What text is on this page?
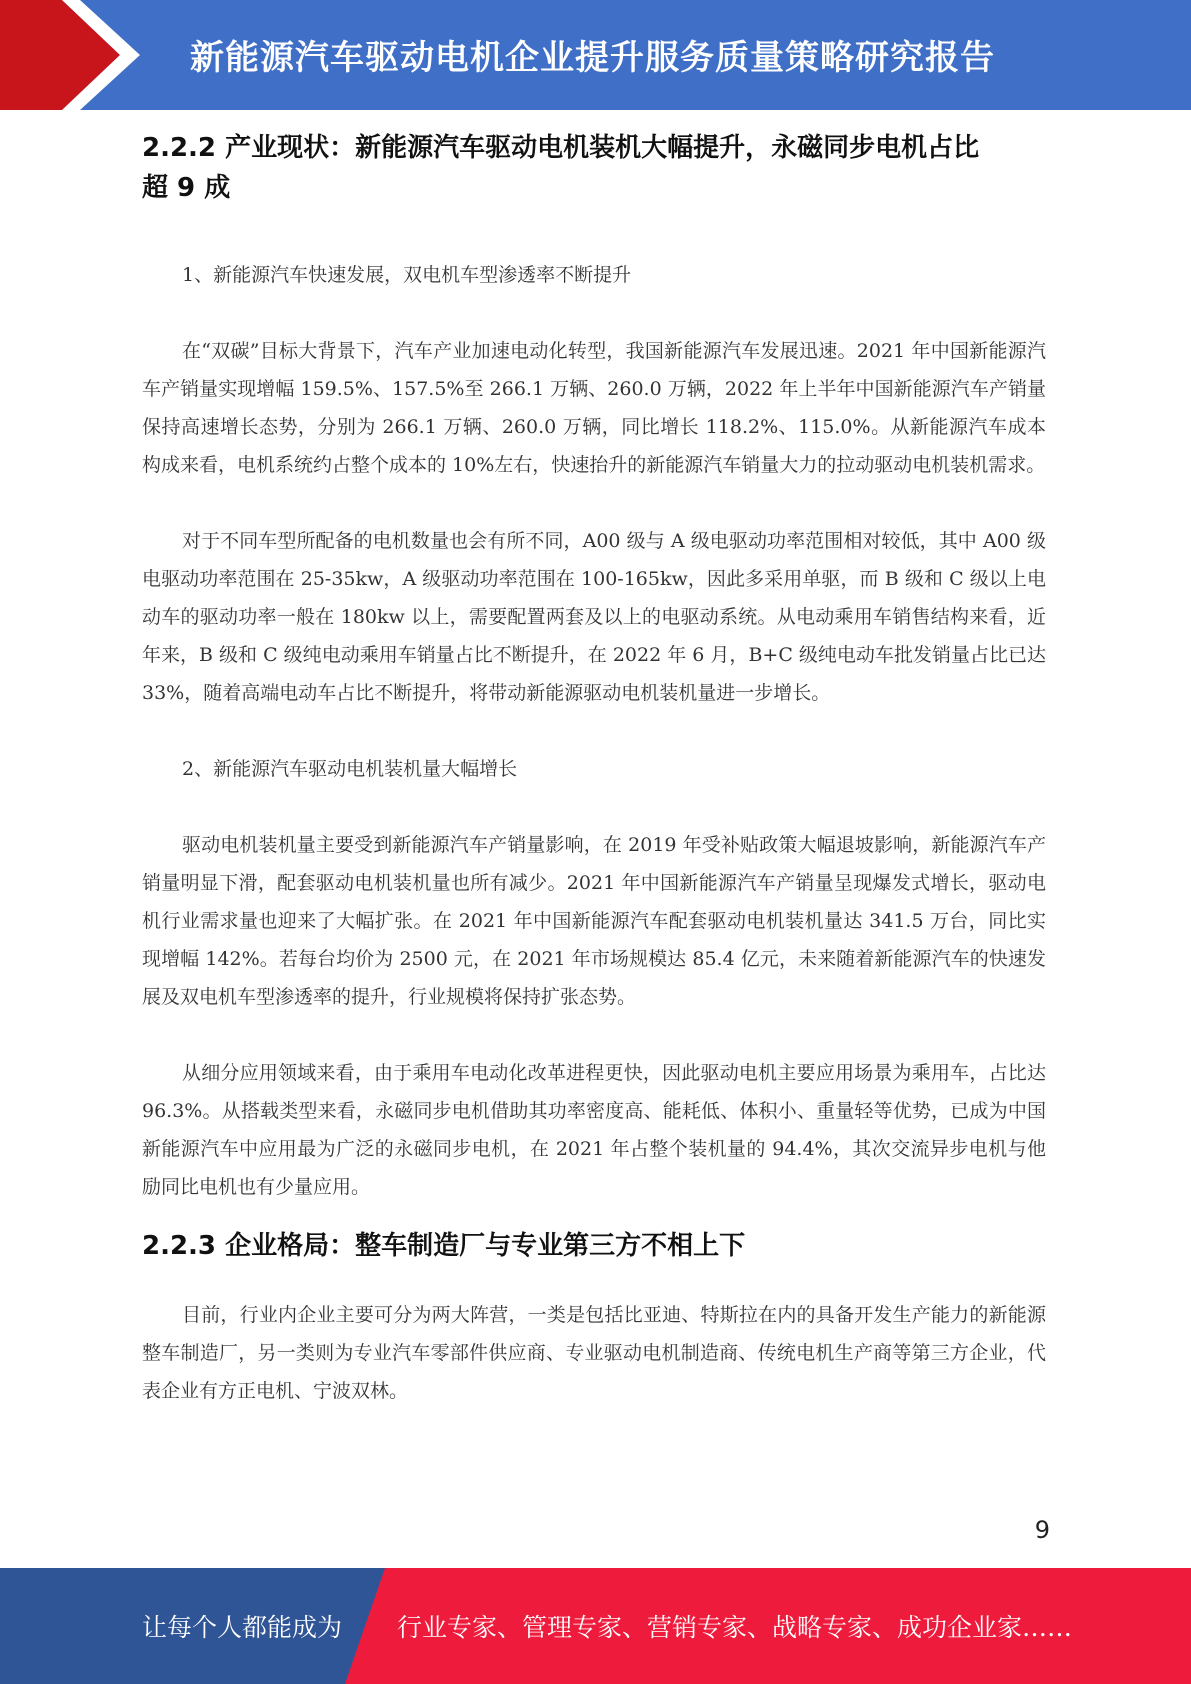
新能源汽车驱动电机企业提升服务质量策略研究报告
2.2.2 产业现状：新能源汽车驱动电机装机大幅提升，永磁同步电机占比
超 9 成

1、新能源汽车快速发展，双电机车型渗透率不断提升

在“双碳”目标大背景下，汽车产业加速电动化转型，我国新能源汽车发展迅速。2021 年中国新能源汽车产销量实现增幅 159.5%、157.5%至 266.1 万辆、260.0 万辆，2022 年上半年中国新能源汽车产销量保持高速增长态势，分别为 266.1 万辆、260.0 万辆，同比增长 118.2%、115.0%。从新能源汽车成本构成来看，电机系统约占整个成本的 10%左右，快速抬升的新能源汽车销量大力的拉动驱动电机装机需求。

对于不同车型所配备的电机数量也会有所不同，A00 级与 A 级电驱动功率范围相对较低，其中 A00 级电驱动功率范围在 25-35kw，A 级驱动功率范围在 100-165kw，因此多采用单驱，而 B 级和 C 级以上电动车的驱动功率一般在 180kw 以上，需要配置两套及以上的电驱动系统。从电动乘用车销售结构来看，近年来，B 级和 C 级纯电动乘用车销量占比不断提升，在 2022 年 6 月，B+C 级纯电动车批发销量占比已达 33%，随着高端电动车占比不断提升，将带动新能源驱动电机装机量进一步增长。

2、新能源汽车驱动电机装机量大幅增长

驱动电机装机量主要受到新能源汽车产销量影响，在 2019 年受补贴政策大幅退坡影响，新能源汽车产销量明显下滑，配套驱动电机装机量也所有减少。2021 年中国新能源汽车产销量呈现爆发式增长，驱动电机行业需求量也迎来了大幅扩张。在 2021 年中国新能源汽车配套驱动电机装机量达 341.5 万台，同比实现增幅 142%。若每台均价为 2500 元，在 2021 年市场规模达 85.4 亿元，未来随着新能源汽车的快速发展及双电机车型渗透率的提升，行业规模将保持扩张态势。

从细分应用领域来看，由于乘用车电动化改革进程更快，因此驱动电机主要应用场景为乘用车，占比达 96.3%。从搭载类型来看，永磁同步电机借助其功率密度高、能耗低、体积小、重量轻等优势，已成为中国新能源汽车中应用最为广泛的永磁同步电机，在 2021 年占整个装机量的 94.4%，其次交流异步电机与他励同比电机也有少量应用。

2.2.3 企业格局：整车制造厂与专业第三方不相上下

目前，行业内企业主要可分为两大阵营，一类是包括比亚迪、特斯拉在内的具备开发生产能力的新能源整车制造厂，另一类则为专业汽车零部件供应商、专业驱动电机制造商、传统电机生产商等第三方企业，代表企业有方正电机、宁波双林。

9
让每个人都能成为 行业专家、管理专家、营销专家、战略专家、成功企业家……
